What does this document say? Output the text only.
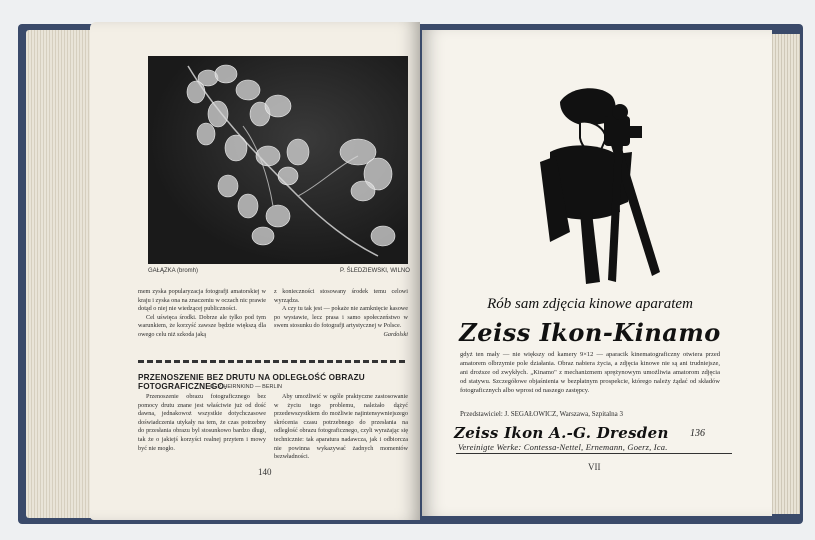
GAŁĄZKA (bromh)	P. ŚLEDZIEWSKI, WILNO

mem zyska popularyzacja fotografji amatorskiej w kraju i zyska ona na znaczeniu w oczach nic prawie dotąd o niej nie wiedzącej publiczności.

Cel uświęca środki. Dobrze ale tylko pod tym warunkiem, że korzyść zawsze będzie większą dla owego celu niż szkoda jaką

z konieczności stosowany środek temu celowi wyrządza.

A czy tu tak jest — pokaże nie zamknięcie kasowe po wystawie, lecz prasa i samo społeczeństwo w swem stosunku do fotografji artystycznej w Polsce.

Gardolski

PRZENOSZENIE BEZ DRUTU NA ODLEGŁOŚĆ OBRAZU FOTOGRAFICZNEGO.
O. P. HEIRNKIND — BERLIN

Przenoszenie obrazu fotograficznego bez pomocy drutu znane jest właściwie już od dość dawna, jednakowoż wszystkie dotychczasowe doświadczenia utykały na tem, że czas potrzebny do przesłania obrazu byl stosunkowo bardzo długi, tak że o jakiejś korzyści realnej przytem i mowy być nie mogło.

Aby umożliwić w ogóle praktyczne zastosowanie w życiu tego problemu, należało dążyć przedewszystkiem do możliwie najintensywniejszego skrócenia czasu potrzebnego do przesłania na odległość obrazu fotograficznego, czyli wyrażając się technicznie: tak aparatura nadawcza, jak i odbiorcza nie powinna wykazywać żadnych momentów bezwładności.

140
Rób sam zdjęcia kinowe aparatem
Zeiss Ikon-Kinamo

gdyż ten mały — nie większy od kamery 9×12 — aparacik kinematograficzny otwiera przed amatorem olbrzymie pole działania. Obraz nabiera życia, a zdjęcia kinowe nie są ani trudniejsze, ani droższe od zwykłych. „Kinamo" z mechanizmem sprężynowym umożliwia amatorom zdjęcia od statywu. Szczegółowe objaśnienia w bezpłatnym prospekcie, którego należy żądać od składów fotograficznych albo wprost od naszego zastępcy.

Przedstawiciel: J. SEGAŁOWICZ, Warszawa, Szpitalna 3
Zeiss Ikon A.-G. Dresden 136
Vereinigte Werke: Contessa-Nettel, Ernemann, Goerz, Ica.
VII
